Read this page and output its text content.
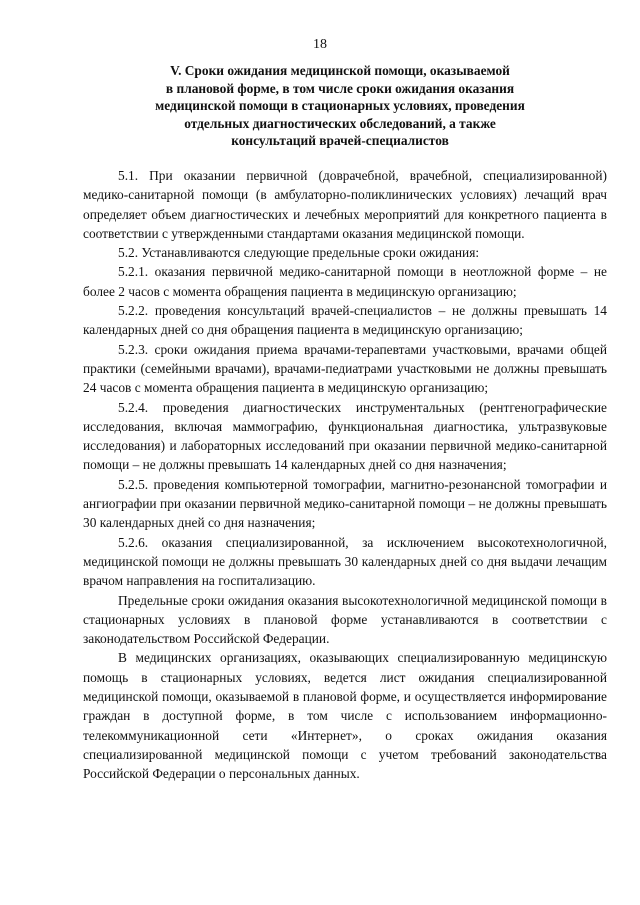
18
V. Сроки ожидания медицинской помощи, оказываемой
в плановой форме, в том числе сроки ожидания оказания
медицинской помощи в стационарных условиях, проведения
отдельных диагностических обследований, а также
консультаций врачей-специалистов

5.1. При оказании первичной (доврачебной, врачебной, специализированной) медико-санитарной помощи (в амбулаторно-поликлинических условиях) лечащий врач определяет объем диагностических и лечебных мероприятий для конкретного пациента в соответствии с утвержденными стандартами оказания медицинской помощи.

5.2. Устанавливаются следующие предельные сроки ожидания:

5.2.1. оказания первичной медико-санитарной помощи в неотложной форме – не более 2 часов с момента обращения пациента в медицинскую организацию;

5.2.2. проведения консультаций врачей-специалистов – не должны превышать 14 календарных дней со дня обращения пациента в медицинскую организацию;

5.2.3. сроки ожидания приема врачами-терапевтами участковыми, врачами общей практики (семейными врачами), врачами-педиатрами участковыми не должны превышать 24 часов с момента обращения пациента в медицинскую организацию;

5.2.4. проведения диагностических инструментальных (рентгенографические исследования, включая маммографию, функциональная диагностика, ультразвуковые исследования) и лабораторных исследований при оказании первичной медико-санитарной помощи – не должны превышать 14 календарных дней со дня назначения;

5.2.5. проведения компьютерной томографии, магнитно-резонансной томографии и ангиографии при оказании первичной медико-санитарной помощи – не должны превышать 30 календарных дней со дня назначения;

5.2.6. оказания специализированной, за исключением высокотехнологичной, медицинской помощи не должны превышать 30 календарных дней со дня выдачи лечащим врачом направления на госпитализацию.

Предельные сроки ожидания оказания высокотехнологичной медицинской помощи в стационарных условиях в плановой форме устанавливаются в соответствии с законодательством Российской Федерации.

В медицинских организациях, оказывающих специализированную медицинскую помощь в стационарных условиях, ведется лист ожидания специализированной медицинской помощи, оказываемой в плановой форме, и осуществляется информирование граждан в доступной форме, в том числе с использованием информационно-телекоммуникационной сети «Интернет», о сроках ожидания оказания специализированной медицинской помощи с учетом требований законодательства Российской Федерации о персональных данных.
